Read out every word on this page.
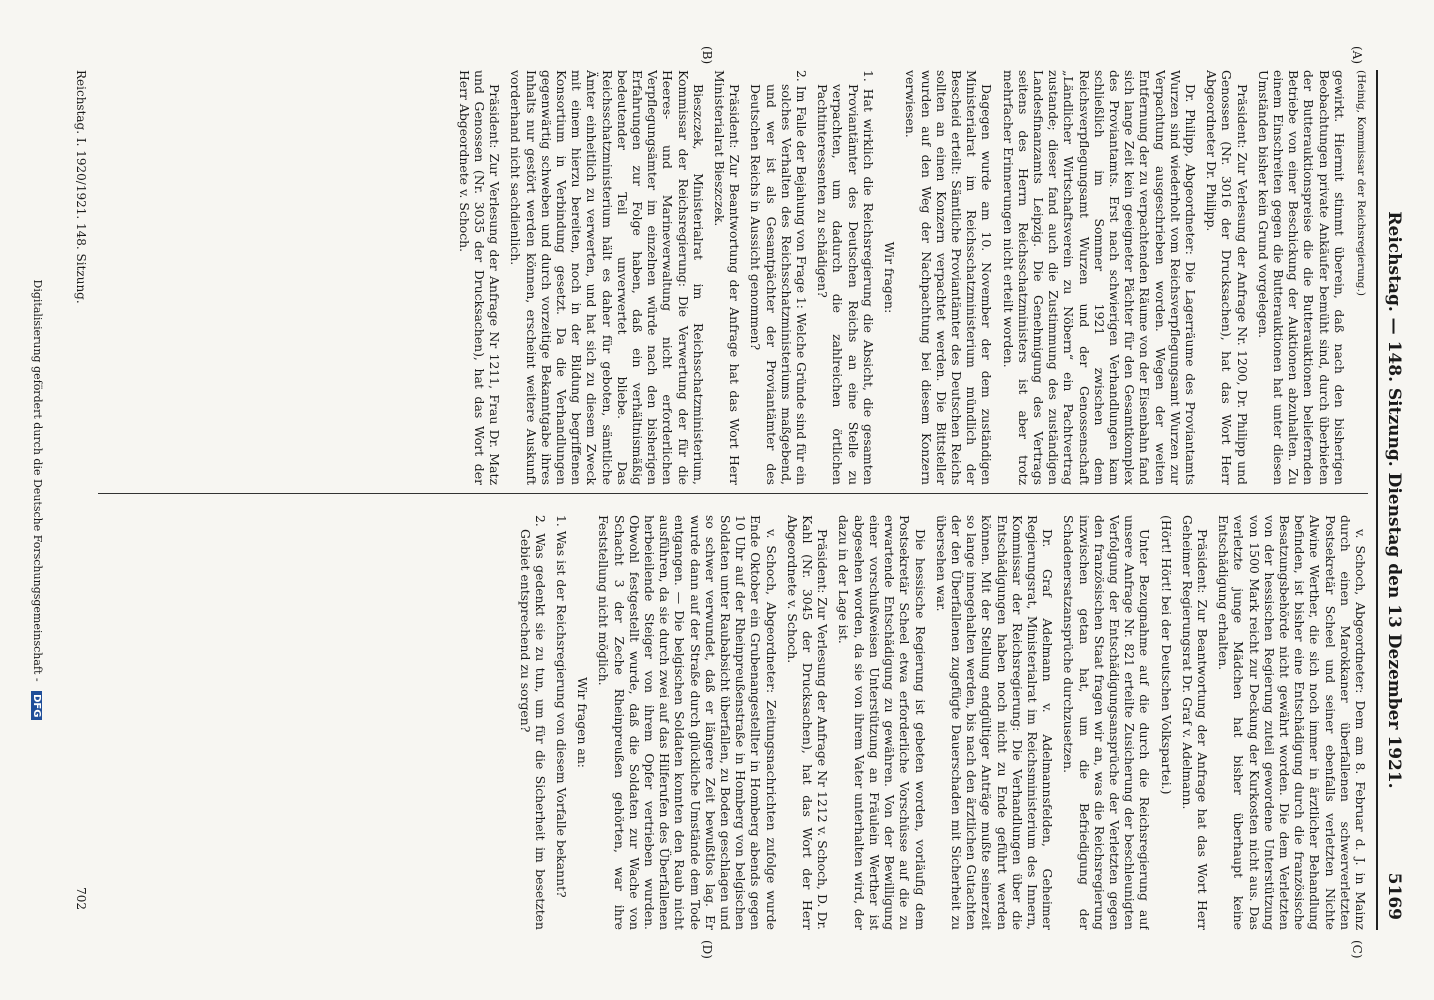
Reichstag. — 148. Sitzung. Dienstag den 13 Dezember 1921.
5169
(A)
(B)
(C)
(D)

(Heinig, Kommissar der Reichsregierung.)

gewirkt. Hiermit stimmt überein, daß nach den bisherigen Beobachtungen private Ankäufer bemüht sind, durch überbieten der Butterauktionspreise die die Butterauktionen beliefernden Betriebe von einer Beschickung der Auktionen abzuhalten. Zu einem Einschreiten gegen die Butterauktionen hat unter diesen Umständen bisher kein Grund vorgelegen.

Präsident: Zur Verlesung der Anfrage Nr. 1200, Dr. Philipp und Genossen (Nr. 3016 der Drucksachen), hat das Wort Herr Abgeordneter Dr. Philipp.

Dr. Philipp, Abgeordneter: Die Lagerräume des Proviantamts Wurzen sind wiederholt vom Reichsverpflegungsamt Wurzen zur Verpachtung ausgeschrieben worden. Wegen der weiten Entfernung der zu verpachtenden Räume von der Eisenbahn fand sich lange Zeit kein geeigneter Pächter für den Gesamtkomplex des Proviantamts. Erst nach schwierigen Verhandlungen kam schließlich im Sommer 1921 zwischen dem Reichsverpflegungsamt Wurzen und der Genossenschaft „Ländlicher Wirtschaftsverein zu Nöbern“ ein Pachtvertrag zustande; dieser fand auch die Zustimmung des zuständigen Landesfinanzamts Leipzig. Die Genehmigung des Vertrags seitens des Herrn Reichsschatzministers ist aber trotz mehrfacher Erinnerungen nicht erteilt worden.

Dagegen wurde am 10. November der dem zuständigen Ministerialrat im Reichsschatzministerium mündlich der Bescheid erteilt: Sämtliche Proviantämter des Deutschen Reichs sollten an einen Konzern verpachtet werden. Die Bittsteller wurden auf den Weg der Nachpachtung bei diesem Konzern verwiesen.

Wir fragen:

1. Hat wirklich die Reichsregierung die Absicht, die gesamten Proviantämter des Deutschen Reichs an eine Stelle zu verpachten, um dadurch die zahlreichen örtlichen Pachtinteressenten zu schädigen?

2. Im Falle der Bejahung von Frage 1: Welche Gründe sind für ein solches Verhalten des Reichsschatzministeriums maßgebend, und wer ist als Gesamtpächter der Proviantämter des Deutschen Reichs in Aussicht genommen?

Präsident: Zur Beantwortung der Anfrage hat das Wort Herr Ministerialrat Bieszczek.

Bieszczek, Ministerialrat im Reichsschatzministerium, Kommissar der Reichsregierung: Die Verwertung der für die Heeres- und Marineverwaltung nicht erforderlichen Verpflegungsämter im einzelnen würde nach den bisherigen Erfahrungen zur Folge haben, daß ein verhältnismäßig bedeutender Teil unverwertet bliebe. Das Reichsschatzministerium hält es daher für geboten, sämtliche Ämter einheitlich zu verwerten, und hat sich zu diesem Zweck mit einem hierzu bereiten, noch in der Bildung begriffenen Konsortium in Verbindung gesetzt. Da die Verhandlungen gegenwärtig schweben und durch vorzeitige Bekanntgabe ihres Inhalts nur gestört werden können, erscheint weitere Auskunft vorderhand nicht sachdienlich.

Präsident: Zur Verlesung der Anfrage Nr 1211, Frau Dr. Matz und Genossen (Nr. 3035 der Drucksachen), hat das Wort der Herr Abgeordnete v. Schoch.

v. Schoch, Abgeordneter: Dem am 8. Februar d. J. in Mainz durch einen Marokkaner überfallenen schwerverletzten Postsekretär Scheel und seiner ebenfalls verletzten Nichte Alwine Werther, die sich noch immer in ärztlicher Behandlung befinden, ist bisher eine Entschädigung durch die französische Besatzungsbehörde nicht gewährt worden. Die dem Verletzten von der hessischen Regierung zuteil gewordene Unterstützung von 1500 Mark reicht zur Deckung der Kurkosten nicht aus. Das verletzte junge Mädchen hat bisher überhaupt keine Entschädigung erhalten.

Präsident: Zur Beantwortung der Anfrage hat das Wort Herr Geheimer Regierungsrat Dr. Graf v. Adelmann.

(Hört! Hört! bei der Deutschen Volkspartei.)

Unter Bezugnahme auf die durch die Reichsregierung auf unsere Anfrage Nr. 821 erteilte Zusicherung der beschleunigten Verfolgung der Entschädigungsansprüche der Verletzten gegen den französischen Staat fragen wir an, was die Reichsregierung inzwischen getan hat, um die Befriedigung der Schadenersatzansprüche durchzusetzen.

Dr. Graf Adelmann v. Adelmannsfelden, Geheimer Regierungsrat, Ministerialrat im Reichsministerium des Innern, Kommissar der Reichsregierung: Die Verhandlungen über die Entschädigungen haben noch nicht zu Ende geführt werden können. Mit der Stellung endgültiger Anträge mußte seinerzeit so lange innegehalten werden, bis nach den ärztlichen Gutachten der den Überfallenen zugefügte Dauerschaden mit Sicherheit zu übersehen war.

Die hessische Regierung ist gebeten worden, vorläufig dem Postsekretär Scheel etwa erforderliche Vorschüsse auf die zu erwartende Entschädigung zu gewähren. Von der Bewilligung einer vorschußweisen Unterstützung an Fräulein Werther ist abgesehen worden, da sie von ihrem Vater unterhalten wird, der dazu in der Lage ist.

Präsident: Zur Verlesung der Anfrage Nr 1212 v. Schoch, D. Dr. Kahl (Nr. 3045 der Drucksachen), hat das Wort der Herr Abgeordnete v. Schoch.

v. Schoch, Abgeordneter: Zeitungsnachrichten zufolge wurde Ende Oktober ein Grubenangestellter in Homberg abends gegen 10 Uhr auf der Rheinpreußenstraße in Homberg von belgischen Soldaten unter Raubabsicht überfallen, zu Boden geschlagen und so schwer verwundet, daß er längere Zeit bewußtlos lag. Er wurde dann auf der Straße durch glückliche Umstände dem Tode entgangen. — Die belgischen Soldaten konnten den Raub nicht ausführen, da sie durch zwei auf das Hilferufen des Überfallenen herbeieilende Steiger von ihrem Opfer vertrieben wurden. Obwohl festgestellt wurde, daß die Soldaten zur Wache von Schacht 3 der Zeche Rheinpreußen gehörten, war ihre Feststellung nicht möglich.

Wir fragen an:

1. Was ist der Reichsregierung von diesem Vorfalle bekannt?

2. Was gedenkt sie zu tun, um für die Sicherheit im besetzten Gebiet entsprechend zu sorgen?

Reichstag. I. 1920/1921. 148. Sitzung.
702
Digitalisierung gefördert durch die Deutsche Forschungsgemeinschaft - DFG
